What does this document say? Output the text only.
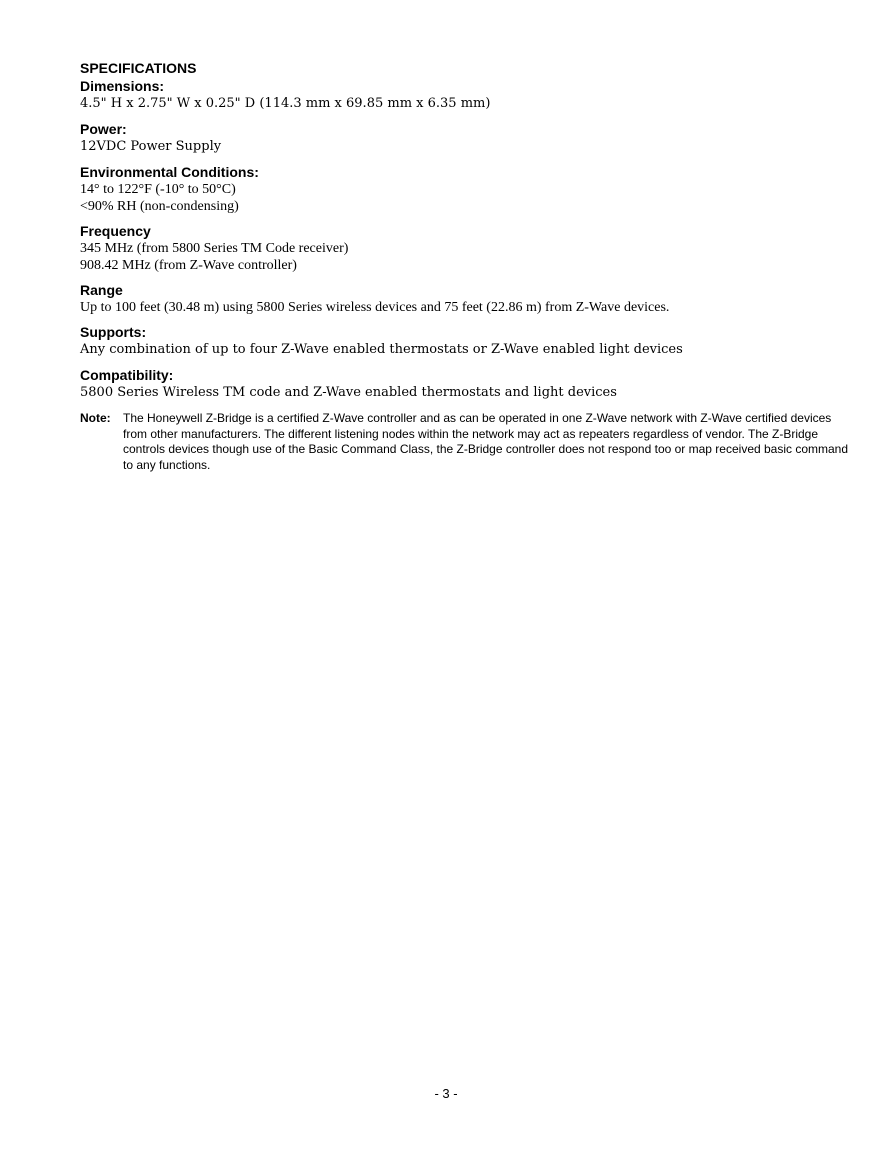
SPECIFICATIONS
Dimensions:
4.5" H x 2.75" W x 0.25" D (114.3 mm x 69.85 mm x 6.35 mm)
Power:
12VDC Power Supply
Environmental Conditions:
14° to 122°F (-10° to 50°C)
<90% RH (non-condensing)
Frequency
345 MHz (from 5800 Series TM Code receiver)
908.42 MHz (from Z-Wave controller)
Range
Up to 100 feet (30.48 m) using 5800 Series wireless devices and 75 feet (22.86 m) from Z-Wave devices.
Supports:
Any combination of up to four Z-Wave enabled thermostats or Z-Wave enabled light devices
Compatibility:
5800 Series Wireless TM code and Z-Wave enabled thermostats and light devices
Note:	The Honeywell Z-Bridge is a certified Z-Wave controller and as can be operated in one Z-Wave network with Z-Wave certified devices from other manufacturers. The different listening nodes within the network may act as repeaters regardless of vendor. The Z-Bridge controls devices though use of the Basic Command Class, the Z-Bridge controller does not respond too or map received basic command to any functions.
- 3 -
